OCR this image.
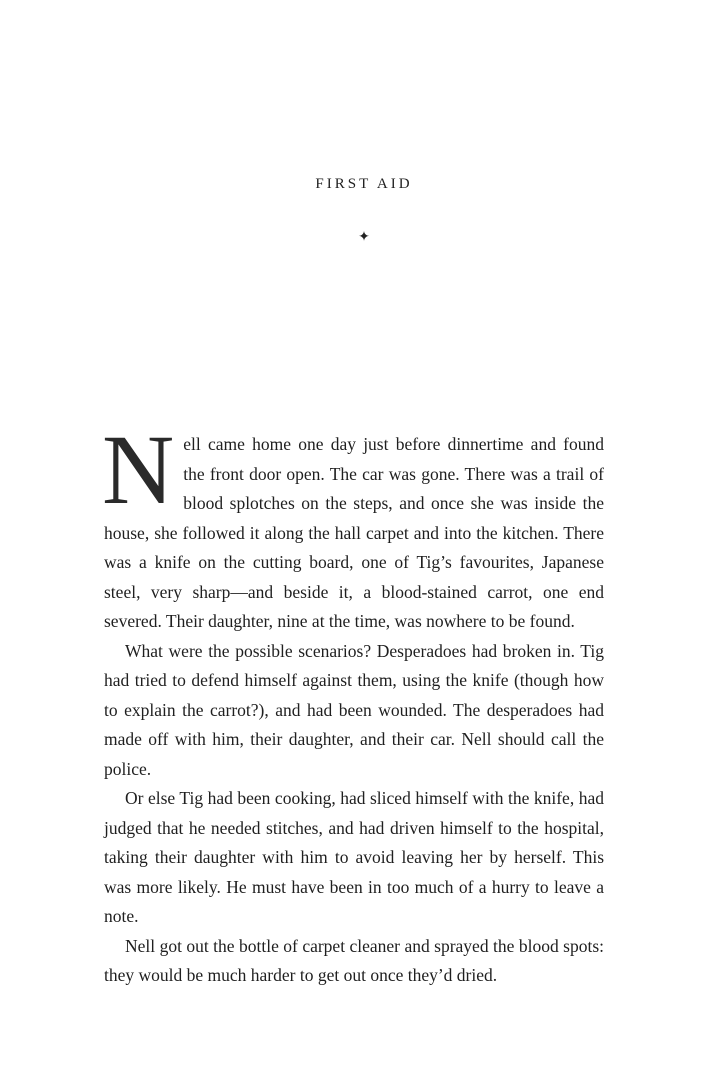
FIRST AID
✦

Nell came home one day just before dinnertime and found the front door open. The car was gone. There was a trail of blood splotches on the steps, and once she was inside the house, she followed it along the hall carpet and into the kitchen. There was a knife on the cutting board, one of Tig’s favourites, Japanese steel, very sharp—and beside it, a blood-stained carrot, one end severed. Their daughter, nine at the time, was nowhere to be found.

What were the possible scenarios? Desperadoes had broken in. Tig had tried to defend himself against them, using the knife (though how to explain the carrot?), and had been wounded. The desperadoes had made off with him, their daughter, and their car. Nell should call the police.

Or else Tig had been cooking, had sliced himself with the knife, had judged that he needed stitches, and had driven himself to the hospital, taking their daughter with him to avoid leaving her by herself. This was more likely. He must have been in too much of a hurry to leave a note.

Nell got out the bottle of carpet cleaner and sprayed the blood spots: they would be much harder to get out once they’d dried.
